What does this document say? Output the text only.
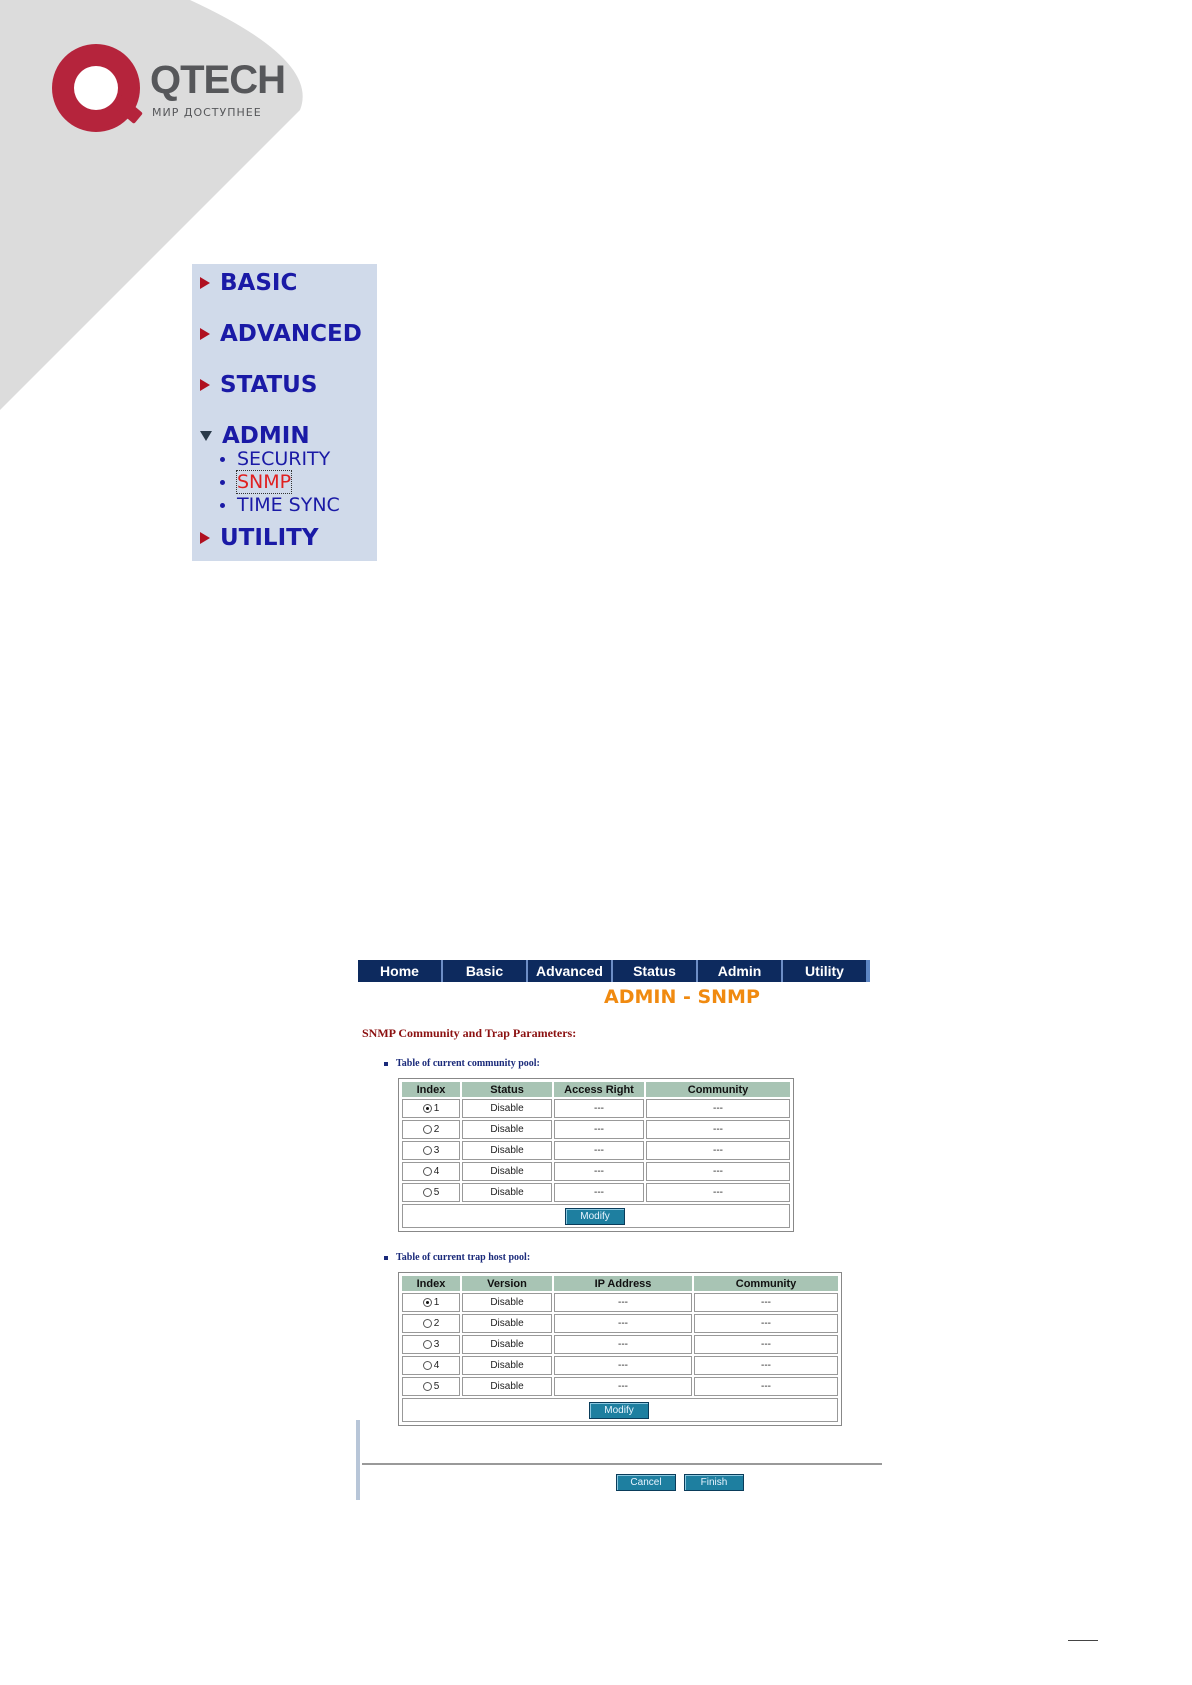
QTECH
МИР ДОСТУПНЕЕ
BASIC
ADVANCED
STATUS
ADMIN
SECURITY
SNMP
TIME SYNC
UTILITY
Home	Basic	Advanced	Status	Admin	Utility
ADMIN - SNMP
SNMP Community and Trap Parameters:
Table of current community pool:
Index	Status	Access Right	Community
1	Disable	---	---
2	Disable	---	---
3	Disable	---	---
4	Disable	---	---
5	Disable	---	---
Modify
Table of current trap host pool:
Index	Version	IP Address	Community
1	Disable	---	---
2	Disable	---	---
3	Disable	---	---
4	Disable	---	---
5	Disable	---	---
Modify
Cancel	Finish
